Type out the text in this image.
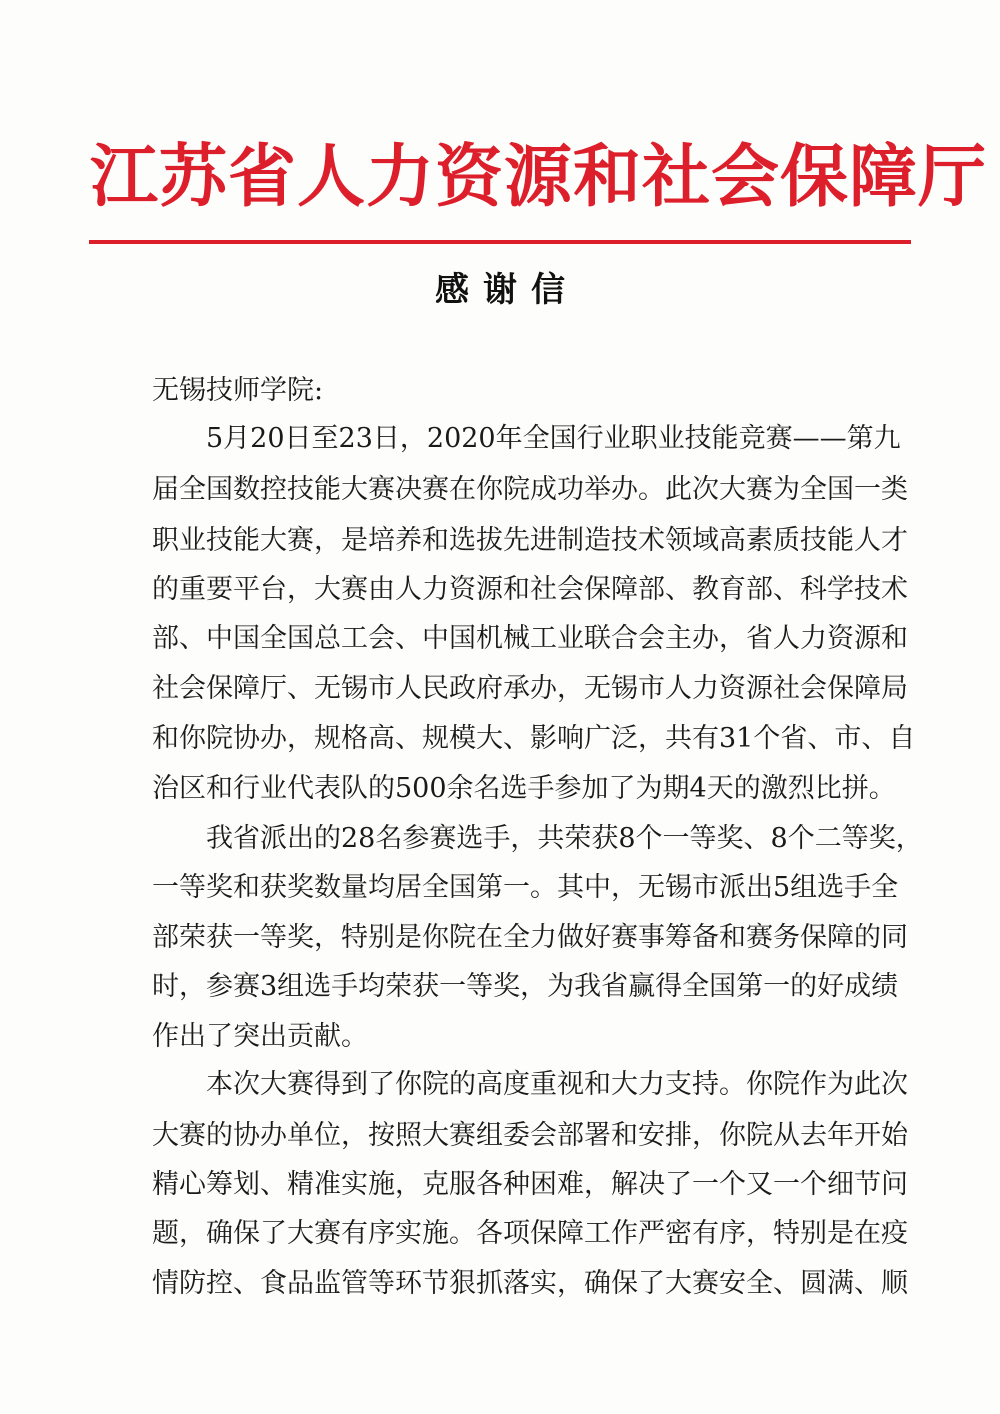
江苏省人力资源和社会保障厅
感谢信
无锡技师学院:
5月20日至23日，2020年全国行业职业技能竞赛——第九
届全国数控技能大赛决赛在你院成功举办。此次大赛为全国一类
职业技能大赛，是培养和选拔先进制造技术领域高素质技能人才
的重要平台，大赛由人力资源和社会保障部、教育部、科学技术
部、中国全国总工会、中国机械工业联合会主办，省人力资源和
社会保障厅、无锡市人民政府承办，无锡市人力资源社会保障局
和你院协办，规格高、规模大、影响广泛，共有31个省、市、自
治区和行业代表队的500余名选手参加了为期4天的激烈比拼。
我省派出的28名参赛选手，共荣获8个一等奖、8个二等奖，
一等奖和获奖数量均居全国第一。其中，无锡市派出5组选手全
部荣获一等奖，特别是你院在全力做好赛事筹备和赛务保障的同
时，参赛3组选手均荣获一等奖，为我省赢得全国第一的好成绩
作出了突出贡献。
本次大赛得到了你院的高度重视和大力支持。你院作为此次
大赛的协办单位，按照大赛组委会部署和安排，你院从去年开始
精心筹划、精准实施，克服各种困难，解决了一个又一个细节问
题，确保了大赛有序实施。各项保障工作严密有序，特别是在疫
情防控、食品监管等环节狠抓落实，确保了大赛安全、圆满、顺
